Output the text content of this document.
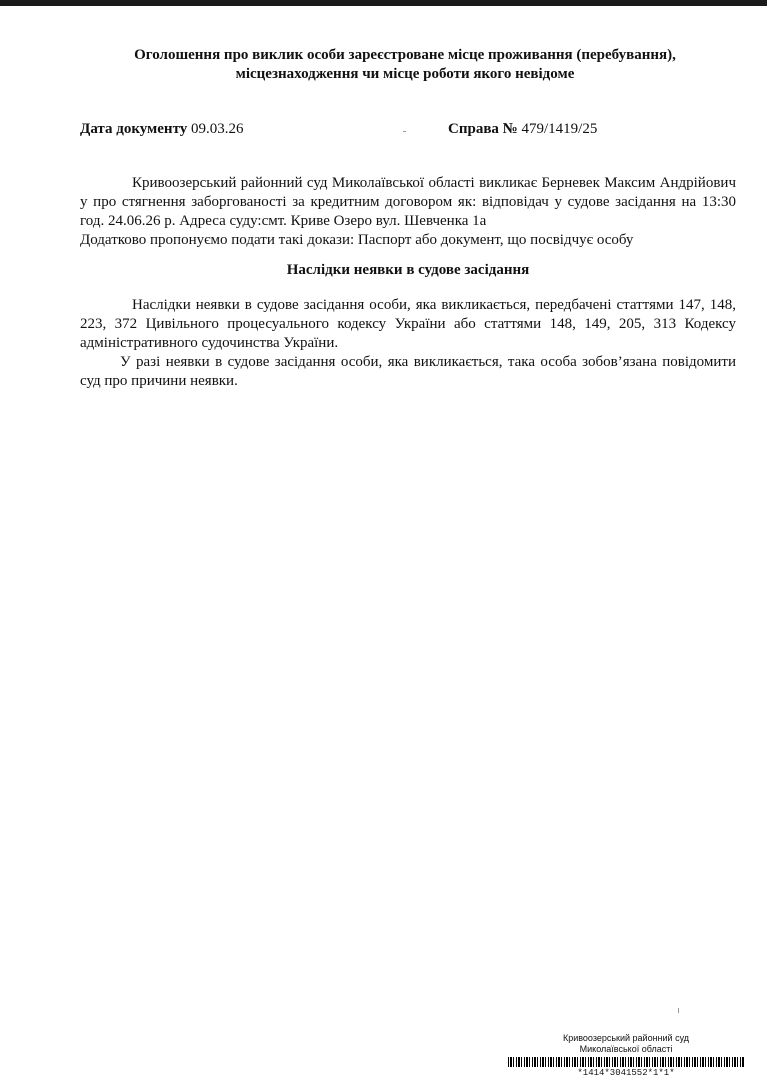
Оголошення про виклик особи зареєстроване місце проживання (перебування),
місцезнаходження чи місце роботи якого невідоме
Дата документу 09.03.26	Справа № 479/1419/25

Кривоозерський районний суд Миколаївської області викликає Берневек Максим Андрійович у про стягнення заборгованості за кредитним договором як: відповідач у судове засідання на 13:30 год. 24.06.26 р. Адреса суду:смт. Криве Озеро вул. Шевченка 1а

Додатково пропонуємо подати такі докази: Паспорт або документ, що посвідчує особу

Наслідки неявки в судове засідання

Наслідки неявки в судове засідання особи, яка викликається, передбачені статтями 147, 148, 223, 372 Цивільного процесуального кодексу України або статтями 148, 149, 205, 313 Кодексу адміністративного судочинства України.

У разі неявки в судове засідання особи, яка викликається, така особа зобов’язана повідомити суд про причини неявки.

Кривоозерський районний суд
Миколаївської області
*1414*3041552*1*1*
